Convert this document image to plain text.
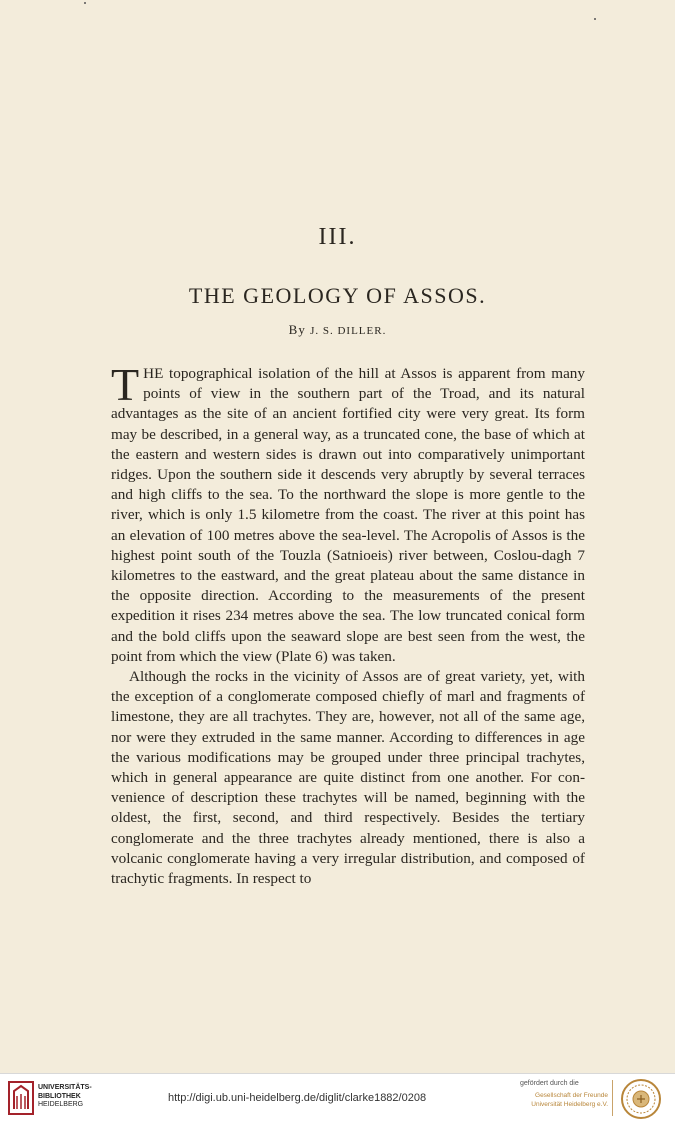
III.
THE GEOLOGY OF ASSOS.
By J. S. DILLER.

THE topographical isolation of the hill at Assos is apparent from many points of view in the southern part of the Troad, and its natural advantages as the site of an ancient fortified city were very great. Its form may be described, in a general way, as a truncated cone, the base of which at the eastern and western sides is drawn out into comparatively unimportant ridges. Upon the southern side it descends very abruptly by several terraces and high cliffs to the sea. To the northward the slope is more gentle to the river, which is only 1.5 kilometre from the coast. The river at this point has an elevation of 100 metres above the sea-level. The Acropolis of Assos is the highest point south of the Touzla (Satnioeis) river between, Coslou-dagh 7 kilometres to the eastward, and the great plateau about the same distance in the opposite direction. According to the measurements of the present expedition it rises 234 metres above the sea. The low truncated conical form and the bold cliffs upon the seaward slope are best seen from the west, the point from which the view (Plate 6) was taken.

Although the rocks in the vicinity of Assos are of great variety, yet, with the exception of a conglomerate composed chiefly of marl and fragments of limestone, they are all trachytes. They are, however, not all of the same age, nor were they extruded in the same manner. According to differences in age the various modifications may be grouped under three principal trachytes, which in general appearance are quite distinct from one another. For convenience of description these trachytes will be named, beginning with the oldest, the first, second, and third respectively. Besides the tertiary conglomerate and the three trachytes already mentioned, there is also a volcanic conglomerate having a very irregular distribution, and composed of trachytic fragments. In respect to

UNIVERSITÄTS-
BIBLIOTHEK
HEIDELBERG
http://digi.ub.uni-heidelberg.de/diglit/clarke1882/0208
gefördert durch die
Gesellschaft der Freunde
Universität Heidelberg e.V.
